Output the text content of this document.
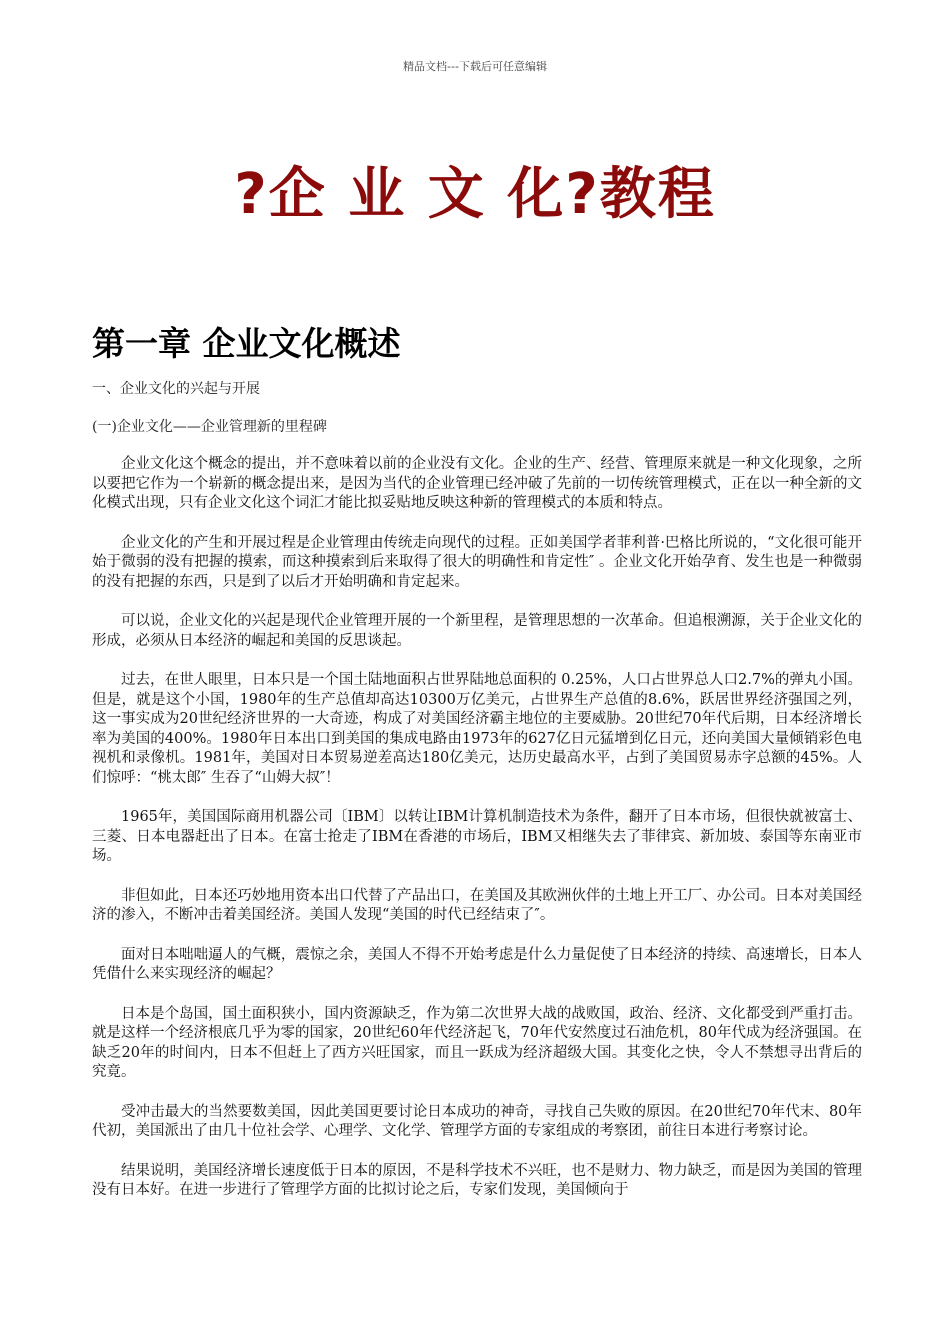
精品文档---下载后可任意编辑
?企 业 文 化?教程
第一章 企业文化概述
一、企业文化的兴起与开展
(一)企业文化——企业管理新的里程碑

企业文化这个概念的提出，并不意味着以前的企业没有文化。企业的生产、经营、管理原来就是一种文化现象，之所以要把它作为一个崭新的概念提出来，是因为当代的企业管理已经冲破了先前的一切传统管理模式，正在以一种全新的文化模式出现，只有企业文化这个词汇才能比拟妥贴地反映这种新的管理模式的本质和特点。

企业文化的产生和开展过程是企业管理由传统走向现代的过程。正如美国学者菲利普·巴格比所说的，“文化很可能开始于微弱的没有把握的摸索，而这种摸索到后来取得了很大的明确性和肯定性″ 。企业文化开始孕育、发生也是一种微弱的没有把握的东西，只是到了以后才开始明确和肯定起来。

可以说，企业文化的兴起是现代企业管理开展的一个新里程，是管理思想的一次革命。但追根溯源，关于企业文化的形成，必须从日本经济的崛起和美国的反思谈起。

过去，在世人眼里，日本只是一个国土陆地面积占世界陆地总面积的 0.25%，人口占世界总人口2.7%的弹丸小国。但是，就是这个小国，1980年的生产总值却高达10300万亿美元，占世界生产总值的8.6%，跃居世界经济强国之列，这一事实成为20世纪经济世界的一大奇迹，构成了对美国经济霸主地位的主要威胁。20世纪70年代后期，日本经济增长率为美国的400%。1980年日本出口到美国的集成电路由1973年的627亿日元猛增到亿日元，还向美国大量倾销彩色电视机和录像机。1981年，美国对日本贸易逆差高达180亿美元，达历史最高水平，占到了美国贸易赤字总额的45%。人们惊呼：“桃太郎″ 生吞了“山姆大叔″！

1965年，美国国际商用机器公司〔IBM〕以转让IBM计算机制造技术为条件，翻开了日本市场，但很快就被富士、三菱、日本电器赶出了日本。在富士抢走了IBM在香港的市场后，IBM又相继失去了菲律宾、新加坡、泰国等东南亚市场。

非但如此，日本还巧妙地用资本出口代替了产品出口，在美国及其欧洲伙伴的土地上开工厂、办公司。日本对美国经济的渗入，不断冲击着美国经济。美国人发现“美国的时代已经结束了″。

面对日本咄咄逼人的气概，震惊之余，美国人不得不开始考虑是什么力量促使了日本经济的持续、高速增长，日本人凭借什么来实现经济的崛起？

日本是个岛国，国土面积狭小，国内资源缺乏，作为第二次世界大战的战败国，政治、经济、文化都受到严重打击。就是这样一个经济根底几乎为零的国家，20世纪60年代经济起飞，70年代安然度过石油危机，80年代成为经济强国。在缺乏20年的时间内，日本不但赶上了西方兴旺国家，而且一跃成为经济超级大国。其变化之快，令人不禁想寻出背后的究竟。

受冲击最大的当然要数美国，因此美国更要讨论日本成功的神奇，寻找自己失败的原因。在20世纪70年代末、80年代初，美国派出了由几十位社会学、心理学、文化学、管理学方面的专家组成的考察团，前往日本进行考察讨论。

结果说明，美国经济增长速度低于日本的原因，不是科学技术不兴旺，也不是财力、物力缺乏，而是因为美国的管理没有日本好。在进一步进行了管理学方面的比拟讨论之后，专家们发现，美国倾向于
